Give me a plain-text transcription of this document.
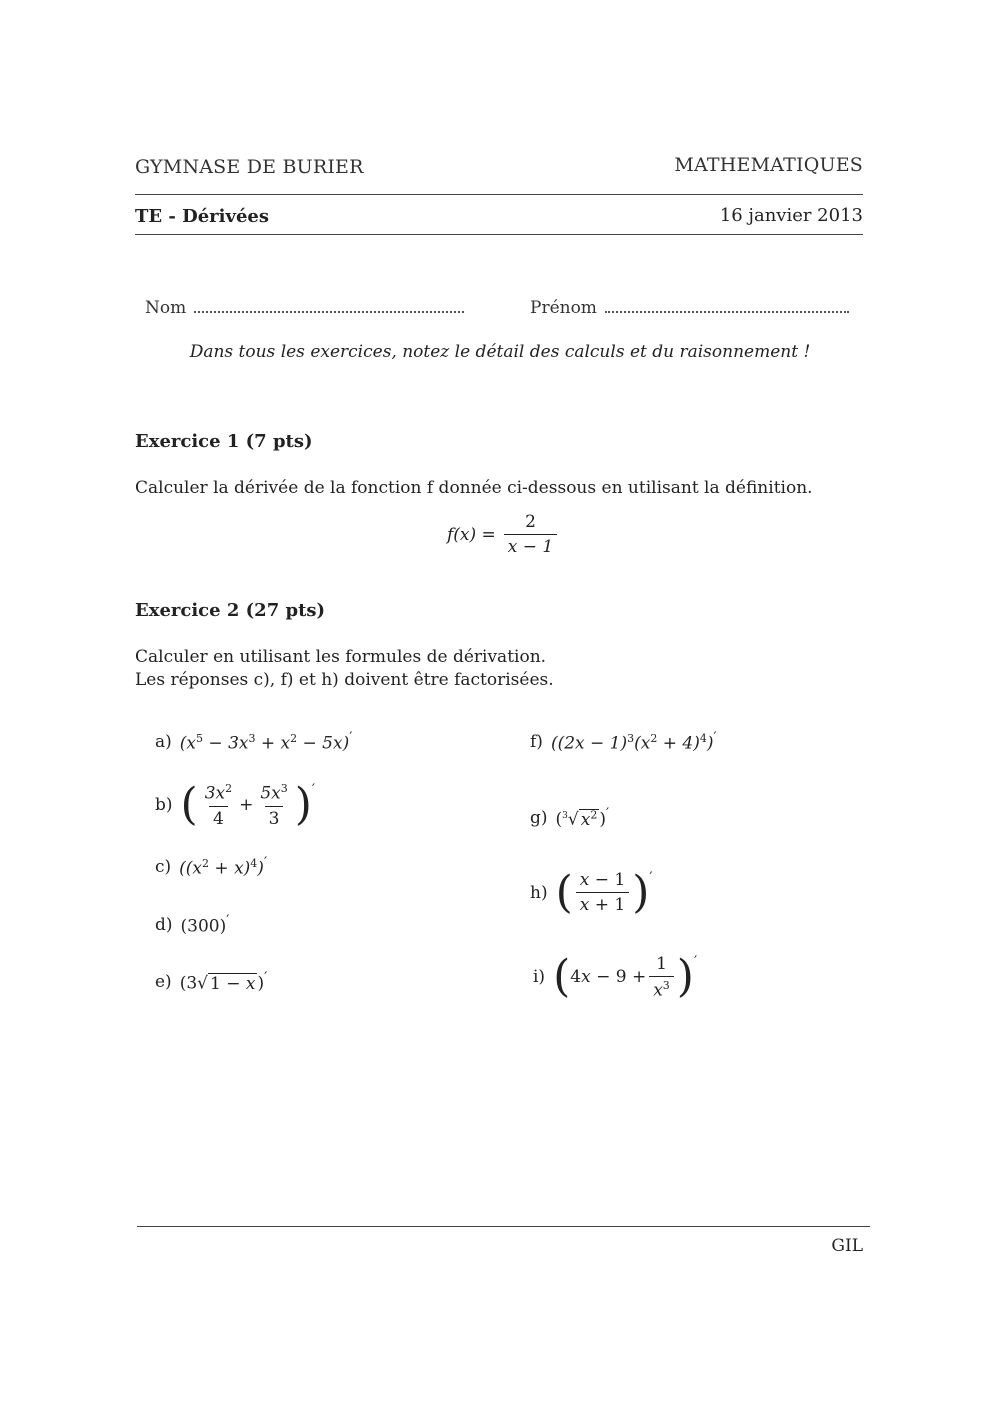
GYMNASE DE BURIER	MATHEMATIQUES
TE - Dérivées	16 janvier 2013
Nom	Prénom
Dans tous les exercices, notez le détail des calculs et du raisonnement !
Exercice 1 (7 pts)
Calculer la dérivée de la fonction f donnée ci-dessous en utilisant la définition.
$f(x) = \frac{2}{x - 1}$
Exercice 2 (27 pts)
Calculer en utilisant les formules de dérivation.
Les réponses c), f) et h) doivent être factorisées.
a) $(x^5 - 3x^3 + x^2 - 5x)'$
b) ( $\frac{3x^2}{4} + \frac{5x^3}{3}$ ) ′
c) $((x^2 + x)^4)'$
d) (300)′
e) (3√ 1 − x )′
f) $((2x - 1)^3(x^2 + 4)^4)'$
g) ($^3$√ $x^2$ )′
h) ( $\frac{x - 1}{x + 1}$ ) ′
i) ( $4x - 9 + \frac{1}{x^3}$ ) ′
GIL
